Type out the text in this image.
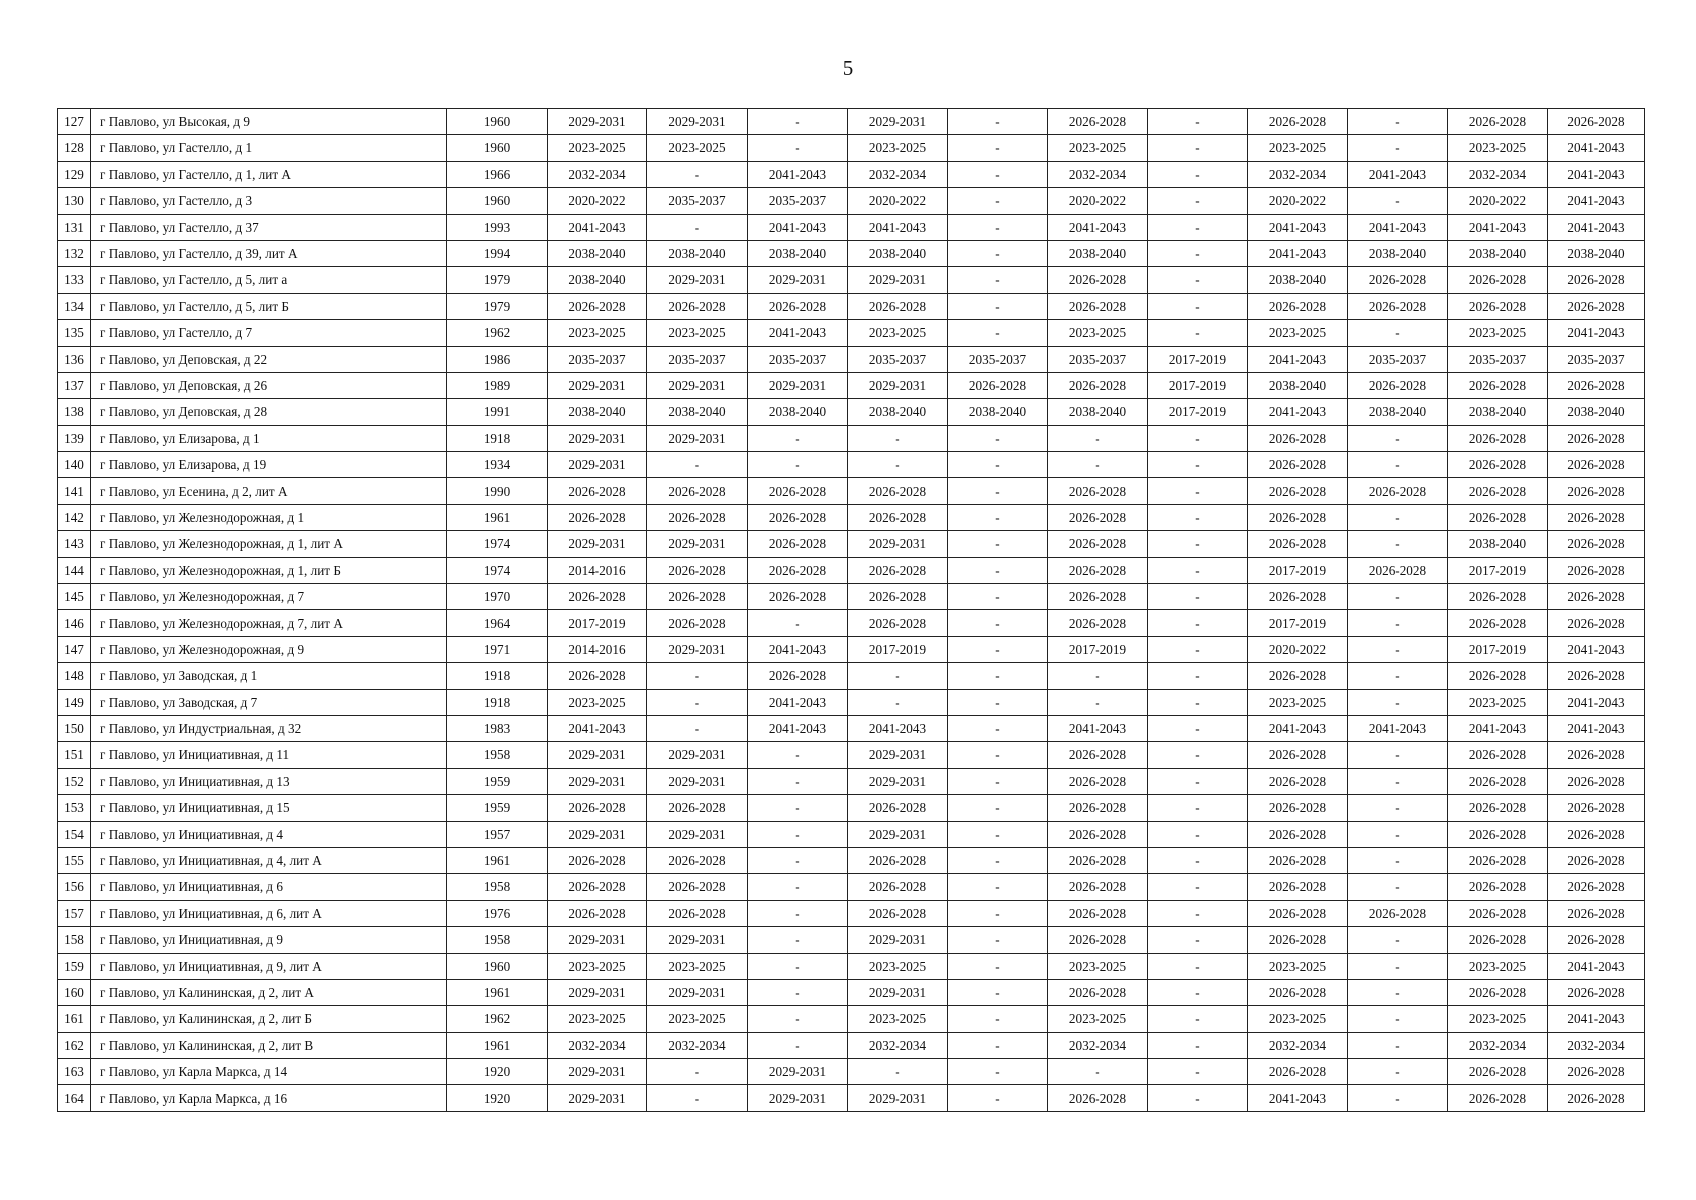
5
127	г Павлово, ул Высокая, д 9	1960	2029-2031	2029-2031	-	2029-2031	-	2026-2028	-	2026-2028	-	2026-2028	2026-2028
128	г Павлово, ул Гастелло, д 1	1960	2023-2025	2023-2025	-	2023-2025	-	2023-2025	-	2023-2025	-	2023-2025	2041-2043
129	г Павлово, ул Гастелло, д 1, лит А	1966	2032-2034	-	2041-2043	2032-2034	-	2032-2034	-	2032-2034	2041-2043	2032-2034	2041-2043
130	г Павлово, ул Гастелло, д 3	1960	2020-2022	2035-2037	2035-2037	2020-2022	-	2020-2022	-	2020-2022	-	2020-2022	2041-2043
131	г Павлово, ул Гастелло, д 37	1993	2041-2043	-	2041-2043	2041-2043	-	2041-2043	-	2041-2043	2041-2043	2041-2043	2041-2043
132	г Павлово, ул Гастелло, д 39, лит А	1994	2038-2040	2038-2040	2038-2040	2038-2040	-	2038-2040	-	2041-2043	2038-2040	2038-2040	2038-2040
133	г Павлово, ул Гастелло, д 5, лит а	1979	2038-2040	2029-2031	2029-2031	2029-2031	-	2026-2028	-	2038-2040	2026-2028	2026-2028	2026-2028
134	г Павлово, ул Гастелло, д 5, лит Б	1979	2026-2028	2026-2028	2026-2028	2026-2028	-	2026-2028	-	2026-2028	2026-2028	2026-2028	2026-2028
135	г Павлово, ул Гастелло, д 7	1962	2023-2025	2023-2025	2041-2043	2023-2025	-	2023-2025	-	2023-2025	-	2023-2025	2041-2043
136	г Павлово, ул Деповская, д 22	1986	2035-2037	2035-2037	2035-2037	2035-2037	2035-2037	2035-2037	2017-2019	2041-2043	2035-2037	2035-2037	2035-2037
137	г Павлово, ул Деповская, д 26	1989	2029-2031	2029-2031	2029-2031	2029-2031	2026-2028	2026-2028	2017-2019	2038-2040	2026-2028	2026-2028	2026-2028
138	г Павлово, ул Деповская, д 28	1991	2038-2040	2038-2040	2038-2040	2038-2040	2038-2040	2038-2040	2017-2019	2041-2043	2038-2040	2038-2040	2038-2040
139	г Павлово, ул Елизарова, д 1	1918	2029-2031	2029-2031	-	-	-	-	-	2026-2028	-	2026-2028	2026-2028
140	г Павлово, ул Елизарова, д 19	1934	2029-2031	-	-	-	-	-	-	2026-2028	-	2026-2028	2026-2028
141	г Павлово, ул Есенина, д 2, лит А	1990	2026-2028	2026-2028	2026-2028	2026-2028	-	2026-2028	-	2026-2028	2026-2028	2026-2028	2026-2028
142	г Павлово, ул Железнодорожная, д 1	1961	2026-2028	2026-2028	2026-2028	2026-2028	-	2026-2028	-	2026-2028	-	2026-2028	2026-2028
143	г Павлово, ул Железнодорожная, д 1, лит А	1974	2029-2031	2029-2031	2026-2028	2029-2031	-	2026-2028	-	2026-2028	-	2038-2040	2026-2028
144	г Павлово, ул Железнодорожная, д 1, лит Б	1974	2014-2016	2026-2028	2026-2028	2026-2028	-	2026-2028	-	2017-2019	2026-2028	2017-2019	2026-2028
145	г Павлово, ул Железнодорожная, д 7	1970	2026-2028	2026-2028	2026-2028	2026-2028	-	2026-2028	-	2026-2028	-	2026-2028	2026-2028
146	г Павлово, ул Железнодорожная, д 7, лит А	1964	2017-2019	2026-2028	-	2026-2028	-	2026-2028	-	2017-2019	-	2026-2028	2026-2028
147	г Павлово, ул Железнодорожная, д 9	1971	2014-2016	2029-2031	2041-2043	2017-2019	-	2017-2019	-	2020-2022	-	2017-2019	2041-2043
148	г Павлово, ул Заводская, д 1	1918	2026-2028	-	2026-2028	-	-	-	-	2026-2028	-	2026-2028	2026-2028
149	г Павлово, ул Заводская, д 7	1918	2023-2025	-	2041-2043	-	-	-	-	2023-2025	-	2023-2025	2041-2043
150	г Павлово, ул Индустриальная, д 32	1983	2041-2043	-	2041-2043	2041-2043	-	2041-2043	-	2041-2043	2041-2043	2041-2043	2041-2043
151	г Павлово, ул Инициативная, д 11	1958	2029-2031	2029-2031	-	2029-2031	-	2026-2028	-	2026-2028	-	2026-2028	2026-2028
152	г Павлово, ул Инициативная, д 13	1959	2029-2031	2029-2031	-	2029-2031	-	2026-2028	-	2026-2028	-	2026-2028	2026-2028
153	г Павлово, ул Инициативная, д 15	1959	2026-2028	2026-2028	-	2026-2028	-	2026-2028	-	2026-2028	-	2026-2028	2026-2028
154	г Павлово, ул Инициативная, д 4	1957	2029-2031	2029-2031	-	2029-2031	-	2026-2028	-	2026-2028	-	2026-2028	2026-2028
155	г Павлово, ул Инициативная, д 4, лит А	1961	2026-2028	2026-2028	-	2026-2028	-	2026-2028	-	2026-2028	-	2026-2028	2026-2028
156	г Павлово, ул Инициативная, д 6	1958	2026-2028	2026-2028	-	2026-2028	-	2026-2028	-	2026-2028	-	2026-2028	2026-2028
157	г Павлово, ул Инициативная, д 6, лит А	1976	2026-2028	2026-2028	-	2026-2028	-	2026-2028	-	2026-2028	2026-2028	2026-2028	2026-2028
158	г Павлово, ул Инициативная, д 9	1958	2029-2031	2029-2031	-	2029-2031	-	2026-2028	-	2026-2028	-	2026-2028	2026-2028
159	г Павлово, ул Инициативная, д 9, лит А	1960	2023-2025	2023-2025	-	2023-2025	-	2023-2025	-	2023-2025	-	2023-2025	2041-2043
160	г Павлово, ул Калининская, д 2, лит А	1961	2029-2031	2029-2031	-	2029-2031	-	2026-2028	-	2026-2028	-	2026-2028	2026-2028
161	г Павлово, ул Калининская, д 2, лит Б	1962	2023-2025	2023-2025	-	2023-2025	-	2023-2025	-	2023-2025	-	2023-2025	2041-2043
162	г Павлово, ул Калининская, д 2, лит В	1961	2032-2034	2032-2034	-	2032-2034	-	2032-2034	-	2032-2034	-	2032-2034	2032-2034
163	г Павлово, ул Карла Маркса, д 14	1920	2029-2031	-	2029-2031	-	-	-	-	2026-2028	-	2026-2028	2026-2028
164	г Павлово, ул Карла Маркса, д 16	1920	2029-2031	-	2029-2031	2029-2031	-	2026-2028	-	2041-2043	-	2026-2028	2026-2028
